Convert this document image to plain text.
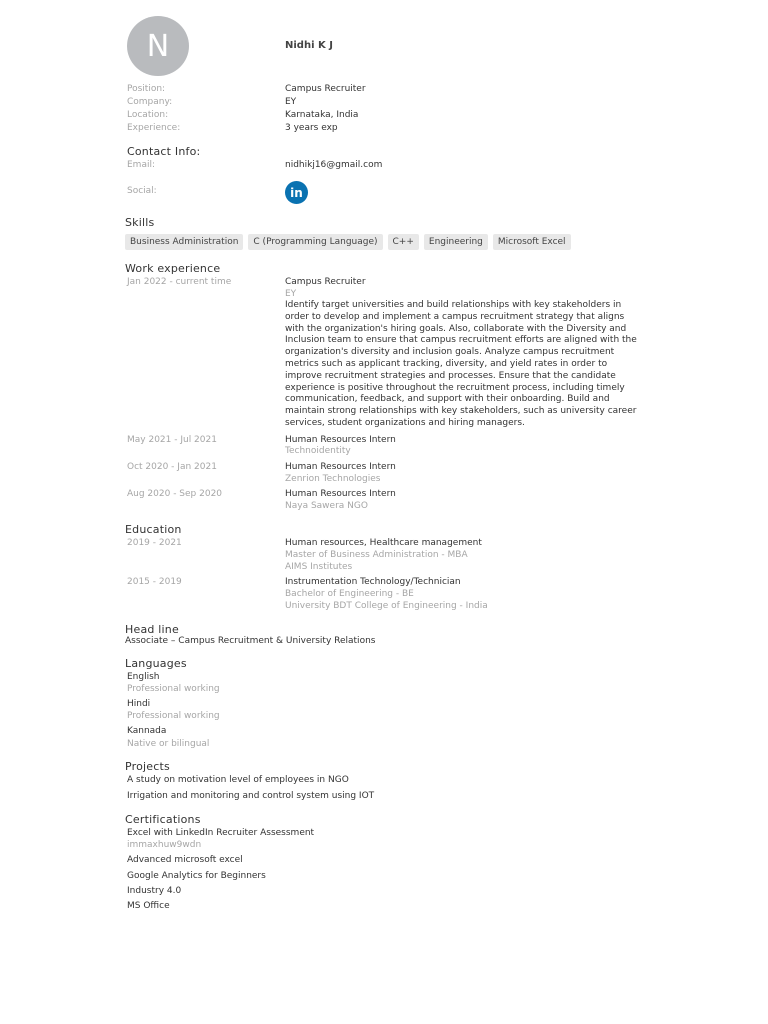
N	Nidhi K J
Position:	Campus Recruiter
Company:	EY
Location:	Karnataka, India
Experience:	3 years exp
Contact Info:
Email:	nidhikj16@gmail.com
Social:	in
Skills
Business Administration	C (Programming Language)	C++	Engineering	Microsoft Excel
Work experience
Jan 2022 - current time	Campus Recruiter
EY
Identify target universities and build relationships with key stakeholders in order to develop and implement a campus recruitment strategy that aligns with the organization's hiring goals. Also, collaborate with the Diversity and Inclusion team to ensure that campus recruitment efforts are aligned with the organization's diversity and inclusion goals. Analyze campus recruitment metrics such as applicant tracking, diversity, and yield rates in order to improve recruitment strategies and processes. Ensure that the candidate experience is positive throughout the recruitment process, including timely communication, feedback, and support with their onboarding. Build and maintain strong relationships with key stakeholders, such as university career services, student organizations and hiring managers.
May 2021 - Jul 2021	Human Resources Intern
Technoidentity
Oct 2020 - Jan 2021	Human Resources Intern
Zenrion Technologies
Aug 2020 - Sep 2020	Human Resources Intern
Naya Sawera NGO
Education
2019 - 2021	Human resources, Healthcare management
Master of Business Administration - MBA
AIMS Institutes
2015 - 2019	Instrumentation Technology/Technician
Bachelor of Engineering - BE
University BDT College of Engineering - India
Head line
Associate – Campus Recruitment & University Relations
Languages
English
Professional working
Hindi
Professional working
Kannada
Native or bilingual
Projects
A study on motivation level of employees in NGO
Irrigation and monitoring and control system using IOT
Certifications
Excel with LinkedIn Recruiter Assessment
immaxhuw9wdn
Advanced microsoft excel
Google Analytics for Beginners
Industry 4.0
MS Office
